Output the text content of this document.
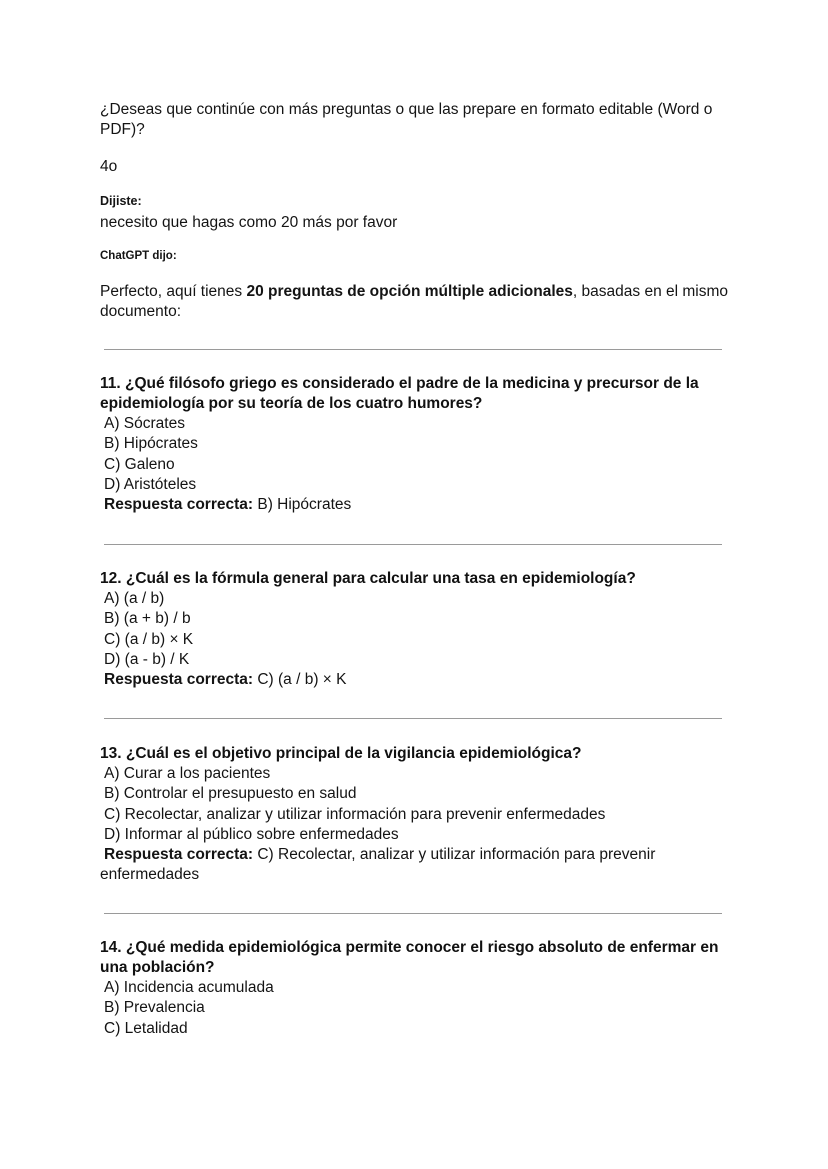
¿Deseas que continúe con más preguntas o que las prepare en formato editable (Word o
PDF)?
4o
Dijiste:
necesito que hagas como 20 más por favor
ChatGPT dijo:
Perfecto, aquí tienes 20 preguntas de opción múltiple adicionales, basadas en el mismo
documento:
11. ¿Qué filósofo griego es considerado el padre de la medicina y precursor de la
epidemiología por su teoría de los cuatro humores?
A) Sócrates
B) Hipócrates
C) Galeno
D) Aristóteles
Respuesta correcta: B) Hipócrates
12. ¿Cuál es la fórmula general para calcular una tasa en epidemiología?
A) (a / b)
B) (a + b) / b
C) (a / b) × K
D) (a - b) / K
Respuesta correcta: C) (a / b) × K
13. ¿Cuál es el objetivo principal de la vigilancia epidemiológica?
A) Curar a los pacientes
B) Controlar el presupuesto en salud
C) Recolectar, analizar y utilizar información para prevenir enfermedades
D) Informar al público sobre enfermedades
Respuesta correcta: C) Recolectar, analizar y utilizar información para prevenir
enfermedades
14. ¿Qué medida epidemiológica permite conocer el riesgo absoluto de enfermar en
una población?
A) Incidencia acumulada
B) Prevalencia
C) Letalidad
